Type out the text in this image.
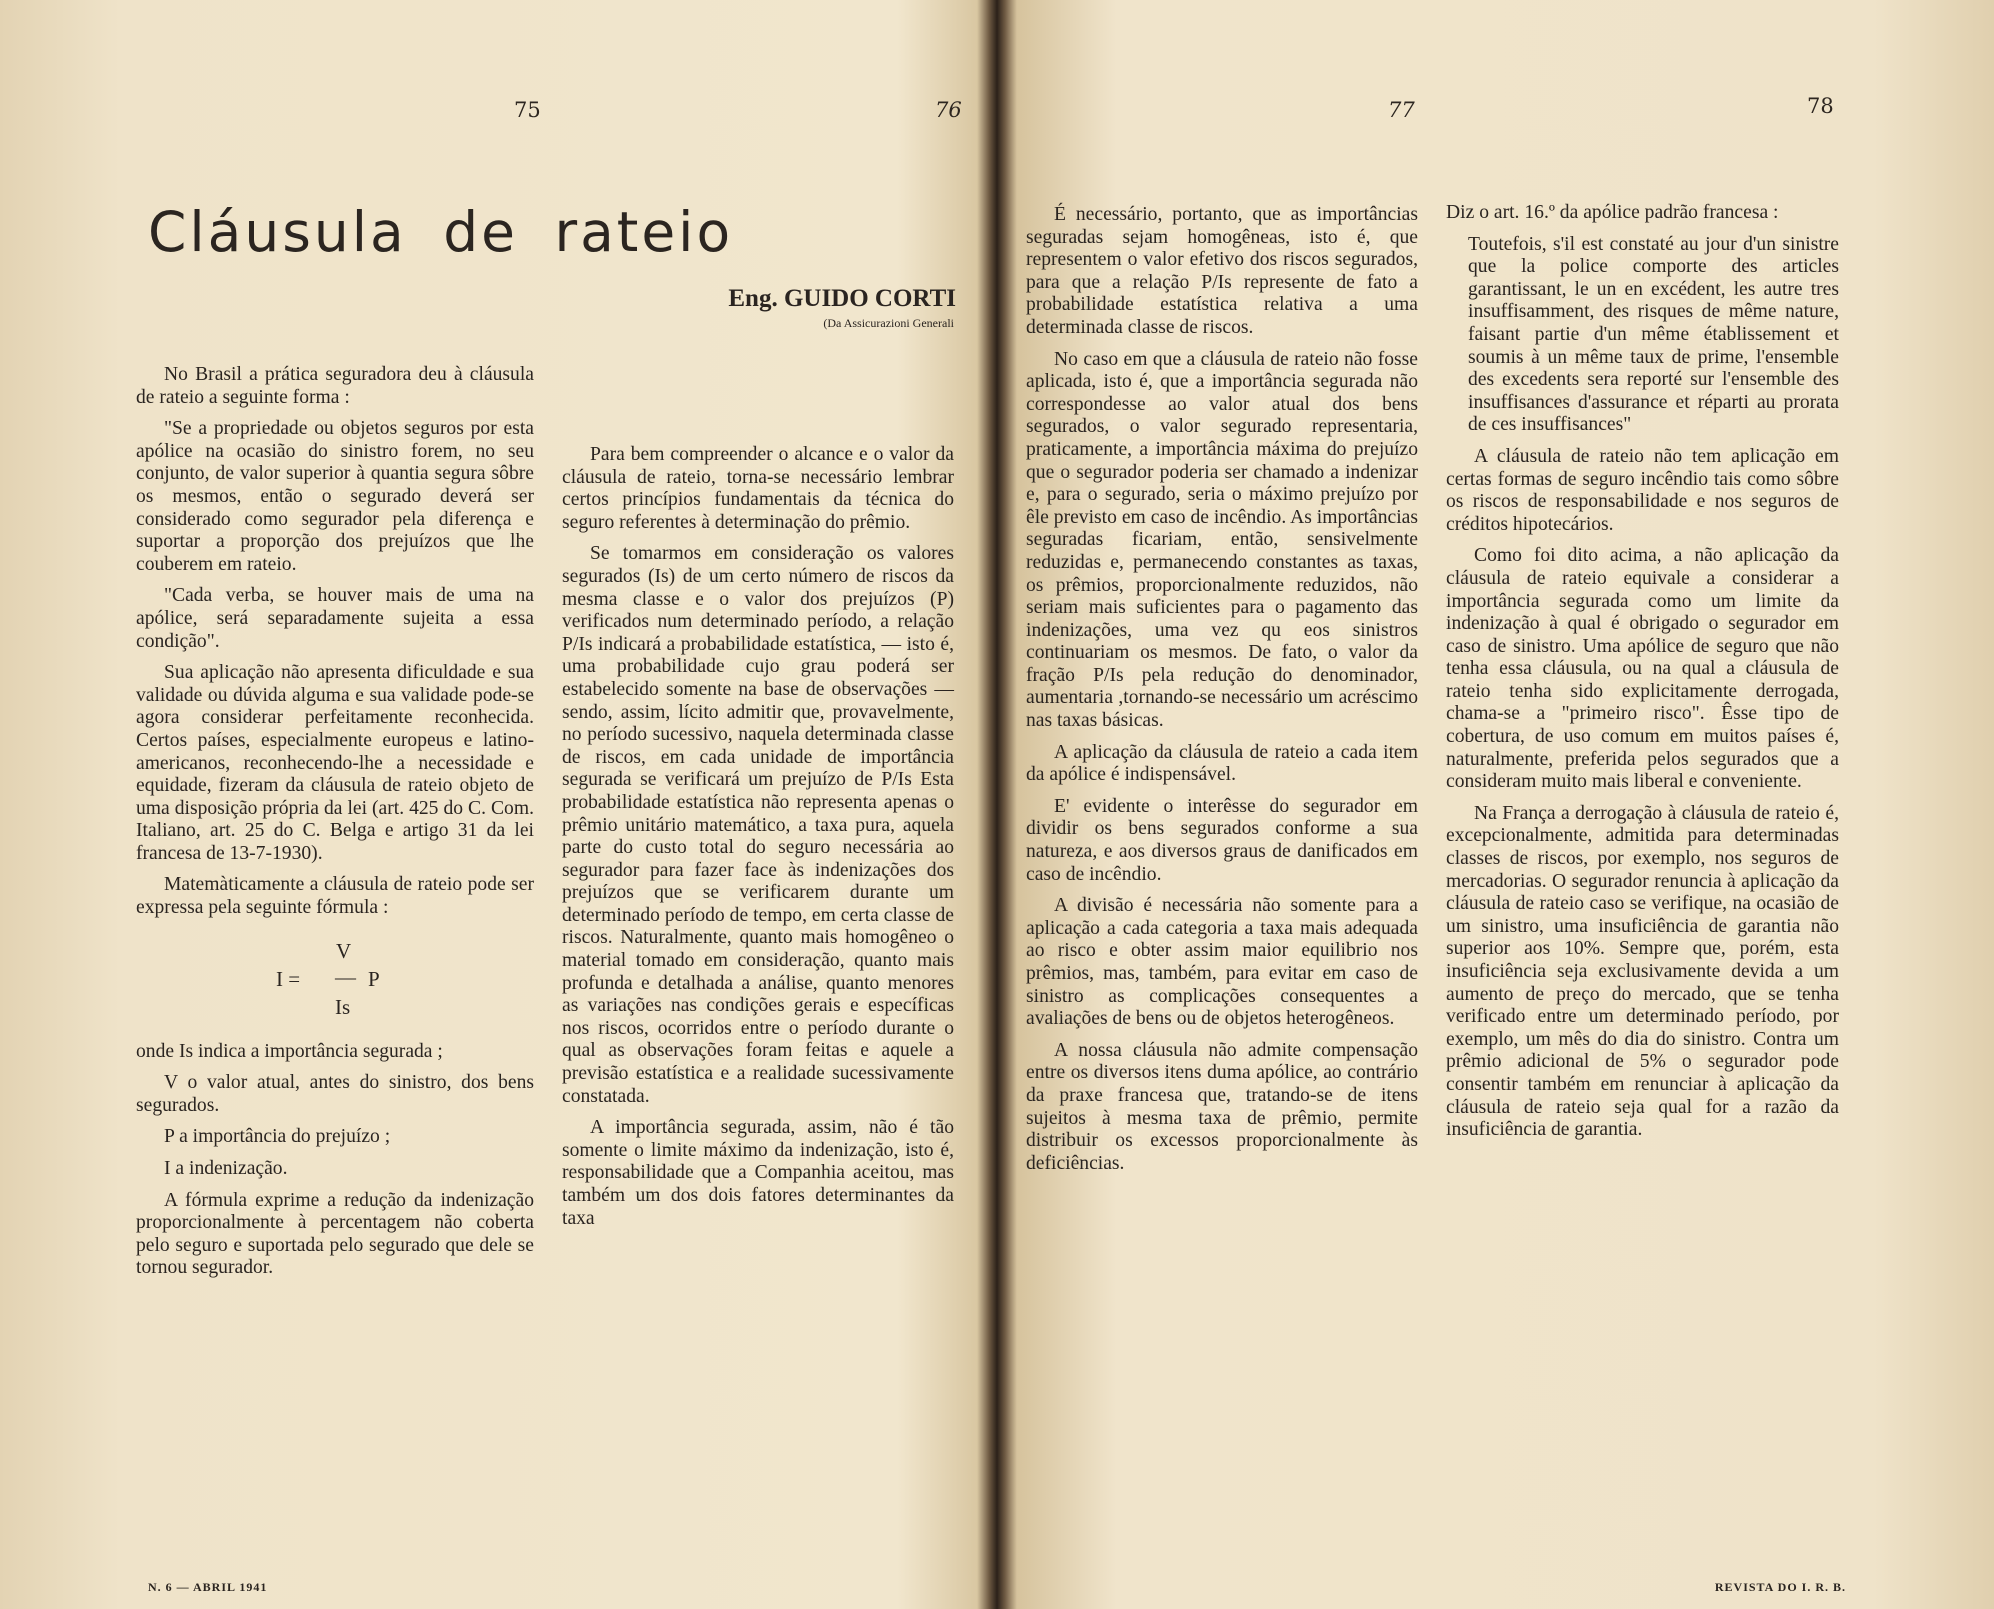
75	76	77	78
Cláusula de rateio
Eng. GUIDO CORTI
(Da Assicurazioni Generali

No Brasil a prática seguradora deu à cláusula de rateio a seguinte forma :

"Se a propriedade ou objetos seguros por esta apólice na ocasião do sinistro forem, no seu conjunto, de valor superior à quantia segura sôbre os mesmos, então o segurado deverá ser considerado como segurador pela diferença e suportar a proporção dos prejuízos que lhe couberem em rateio.

"Cada verba, se houver mais de uma na apólice, será separadamente sujeita a essa condição".

Sua aplicação não apresenta dificuldade e sua validade ou dúvida alguma e sua validade pode-se agora considerar perfeitamente reconhecida. Certos países, especialmente europeus e latino-americanos, reconhecendo-lhe a necessidade e equidade, fizeram da cláusula de rateio objeto de uma disposição própria da lei (art. 425 do C. Com. Italiano, art. 25 do C. Belga e artigo 31 da lei francesa de 13-7-1930).

Matemàticamente a cláusula de rateio pode ser expressa pela seguinte fórmula :

I =
V
—
Is
P

onde Is indica a importância segurada ;

V o valor atual, antes do sinistro, dos bens segurados.

P a importância do prejuízo ;

I a indenização.

A fórmula exprime a redução da indenização proporcionalmente à percentagem não coberta pelo seguro e suportada pelo segurado que dele se tornou segurador.

Para bem compreender o alcance e o valor da cláusula de rateio, torna-se necessário lembrar certos princípios fundamentais da técnica do seguro referentes à determinação do prêmio.

Se tomarmos em consideração os valores segurados (Is) de um certo número de riscos da mesma classe e o valor dos prejuízos (P) verificados num determinado período, a relação P/Is indicará a probabilidade estatística, — isto é, uma probabilidade cujo grau poderá ser estabelecido somente na base de observações — sendo, assim, lícito admitir que, provavelmente, no período sucessivo, naquela determinada classe de riscos, em cada unidade de importância segurada se verificará um prejuízo de P/Is Esta probabilidade estatística não representa apenas o prêmio unitário matemático, a taxa pura, aquela parte do custo total do seguro necessária ao segurador para fazer face às indenizações dos prejuízos que se verificarem durante um determinado período de tempo, em certa classe de riscos. Naturalmente, quanto mais homogêneo o material tomado em consideração, quanto mais profunda e detalhada a análise, quanto menores as variações nas condições gerais e específicas nos riscos, ocorridos entre o período durante o qual as observações foram feitas e aquele a previsão estatística e a realidade sucessivamente constatada.

A importância segurada, assim, não é tão somente o limite máximo da indenização, isto é, responsabilidade que a Companhia aceitou, mas também um dos dois fatores determinantes da taxa

É necessário, portanto, que as importâncias seguradas sejam homogêneas, isto é, que representem o valor efetivo dos riscos segurados, para que a relação P/Is represente de fato a probabilidade estatística relativa a uma determinada classe de riscos.

No caso em que a cláusula de rateio não fosse aplicada, isto é, que a importância segurada não correspondesse ao valor atual dos bens segurados, o valor segurado representaria, praticamente, a importância máxima do prejuízo que o segurador poderia ser chamado a indenizar e, para o segurado, seria o máximo prejuízo por êle previsto em caso de incêndio. As importâncias seguradas ficariam, então, sensivelmente reduzidas e, permanecendo constantes as taxas, os prêmios, proporcionalmente reduzidos, não seriam mais suficientes para o pagamento das indenizações, uma vez qu eos sinistros continuariam os mesmos. De fato, o valor da fração P/Is pela redução do denominador, aumentaria ,tornando-se necessário um acréscimo nas taxas básicas.

A aplicação da cláusula de rateio a cada item da apólice é indispensável.

E' evidente o interêsse do segurador em dividir os bens segurados conforme a sua natureza, e aos diversos graus de danificados em caso de incêndio.

A divisão é necessária não somente para a aplicação a cada categoria a taxa mais adequada ao risco e obter assim maior equilibrio nos prêmios, mas, também, para evitar em caso de sinistro as complicações consequentes a avaliações de bens ou de objetos heterogêneos.

A nossa cláusula não admite compensação entre os diversos itens duma apólice, ao contrário da praxe francesa que, tratando-se de itens sujeitos à mesma taxa de prêmio, permite distribuir os excessos proporcionalmente às deficiências.

Diz o art. 16.º da apólice padrão francesa :

Toutefois, s'il est constaté au jour d'un sinistre que la police comporte des articles garantissant, le un en excédent, les autre tres insuffisamment, des risques de même nature, faisant partie d'un même établissement et soumis à un même taux de prime, l'ensemble des excedents sera reporté sur l'ensemble des insuffisances d'assurance et réparti au prorata de ces insuffisances"

A cláusula de rateio não tem aplicação em certas formas de seguro incêndio tais como sôbre os riscos de responsabilidade e nos seguros de créditos hipotecários.

Como foi dito acima, a não aplicação da cláusula de rateio equivale a considerar a importância segurada como um limite da indenização à qual é obrigado o segurador em caso de sinistro. Uma apólice de seguro que não tenha essa cláusula, ou na qual a cláusula de rateio tenha sido explicitamente derrogada, chama-se a "primeiro risco". Êsse tipo de cobertura, de uso comum em muitos países é, naturalmente, preferida pelos segurados que a consideram muito mais liberal e conveniente.

Na França a derrogação à cláusula de rateio é, excepcionalmente, admitida para determinadas classes de riscos, por exemplo, nos seguros de mercadorias. O segurador renuncia à aplicação da cláusula de rateio caso se verifique, na ocasião de um sinistro, uma insuficiência de garantia não superior aos 10%. Sempre que, porém, esta insuficiência seja exclusivamente devida a um aumento de preço do mercado, que se tenha verificado entre um determinado período, por exemplo, um mês do dia do sinistro. Contra um prêmio adicional de 5% o segurador pode consentir também em renunciar à aplicação da cláusula de rateio seja qual for a razão da insuficiência de garantia.

N. 6 — ABRIL 1941	REVISTA DO I. R. B.
